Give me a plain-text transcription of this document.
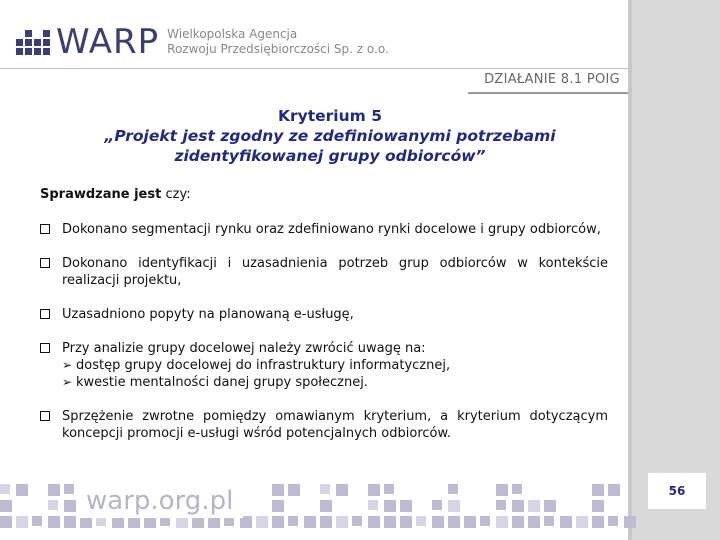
WARP Wielkopolska Agencja
Rozwoju Przedsiębiorczości Sp. z o.o.
DZIAŁANIE 8.1 POIG
Kryterium 5
„Projekt jest zgodny ze zdefiniowanymi potrzebami
zidentyfikowanej grupy odbiorców”

Sprawdzane jest czy:

Dokonano segmentacji rynku oraz zdefiniowano rynki docelowe i grupy odbiorców,
Dokonano identyfikacji i uzasadnienia potrzeb grup odbiorców w kontekście realizacji projektu,
Uzasadniono popyty na planowaną e-usługę,
Przy analizie grupy docelowej należy zwrócić uwagę na:
➢ dostęp grupy docelowej do infrastruktury informatycznej,
➢ kwestie mentalności danej grupy społecznej.
Sprzężenie zwrotne pomiędzy omawianym kryterium, a kryterium dotyczącym koncepcji promocji e-usługi wśród potencjalnych odbiorców.
warp.org.pl	56
